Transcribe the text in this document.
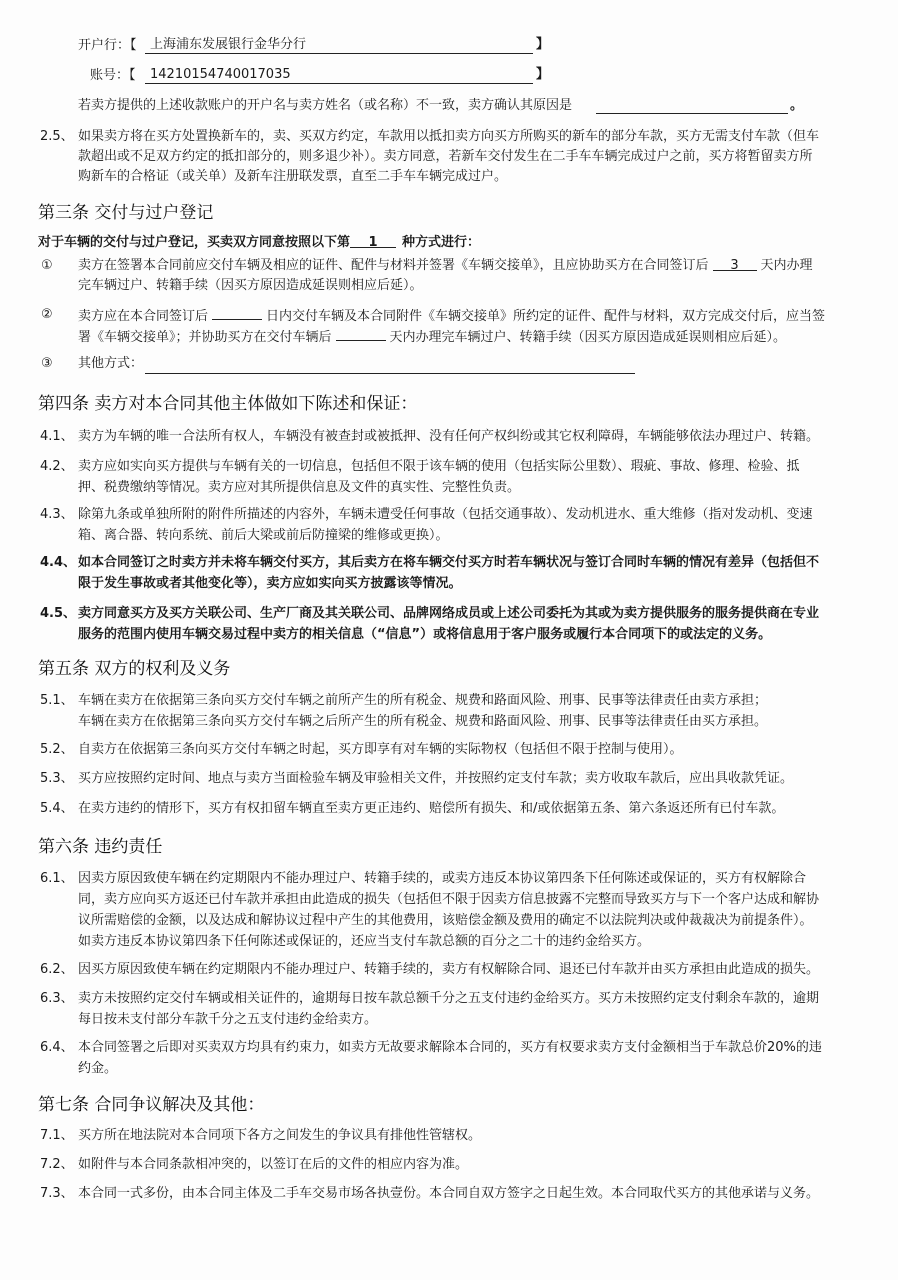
开户行：【 上海浦东发展银行金华分行	】
账号：【 14210154740017035	】
若卖方提供的上述收款账户的开户名与卖方姓名（或名称）不一致，卖方确认其原因是	。
2.5、 如果卖方将在买方处置换新车的，卖、买双方约定，车款用以抵扣卖方向买方所购买的新车的部分车款，买方无需支付车款（但车
款超出或不足双方约定的抵扣部分的，则多退少补）。卖方同意，若新车交付发生在二手车车辆完成过户之前，买方将暂留卖方所
购新车的合格证（或关单）及新车注册联发票，直至二手车车辆完成过户。
第三条 交付与过户登记
对于车辆的交付与过户登记，买卖双方同意按照以下第 1 种方式进行：
① 卖方在签署本合同前应交付车辆及相应的证件、配件与材料并签署《车辆交接单》，且应协助买方在合同签订后 3 天内办理
完车辆过户、转籍手续（因买方原因造成延误则相应后延）。
② 卖方应在本合同签订后	日内交付车辆及本合同附件《车辆交接单》所约定的证件、配件与材料，双方完成交付后，应当签
署《车辆交接单》；并协助买方在交付车辆后	天内办理完车辆过户、转籍手续（因买方原因造成延误则相应后延）。
③ 其他方式：
第四条 卖方对本合同其他主体做如下陈述和保证：
4.1、 卖方为车辆的唯一合法所有权人，车辆没有被查封或被抵押、没有任何产权纠纷或其它权利障碍，车辆能够依法办理过户、转籍。
4.2、 卖方应如实向买方提供与车辆有关的一切信息，包括但不限于该车辆的使用（包括实际公里数）、瑕疵、事故、修理、检验、抵
押、税费缴纳等情况。卖方应对其所提供信息及文件的真实性、完整性负责。
4.3、 除第九条或单独所附的附件所描述的内容外，车辆未遭受任何事故（包括交通事故）、发动机进水、重大维修（指对发动机、变速
箱、离合器、转向系统、前后大梁或前后防撞梁的维修或更换）。
4.4、 如本合同签订之时卖方并未将车辆交付买方，其后卖方在将车辆交付买方时若车辆状况与签订合同时车辆的情况有差异（包括但不
限于发生事故或者其他变化等），卖方应如实向买方披露该等情况。
4.5、 卖方同意买方及买方关联公司、生产厂商及其关联公司、品牌网络成员或上述公司委托为其或为卖方提供服务的服务提供商在专业
服务的范围内使用车辆交易过程中卖方的相关信息（“信息”）或将信息用于客户服务或履行本合同项下的或法定的义务。
第五条 双方的权利及义务
5.1、 车辆在卖方在依据第三条向买方交付车辆之前所产生的所有税金、规费和路面风险、刑事、民事等法律责任由卖方承担；
车辆在卖方在依据第三条向买方交付车辆之后所产生的所有税金、规费和路面风险、刑事、民事等法律责任由买方承担。
5.2、 自卖方在依据第三条向买方交付车辆之时起，买方即享有对车辆的实际物权（包括但不限于控制与使用）。
5.3、 买方应按照约定时间、地点与卖方当面检验车辆及审验相关文件，并按照约定支付车款；卖方收取车款后，应出具收款凭证。
5.4、 在卖方违约的情形下，买方有权扣留车辆直至卖方更正违约、赔偿所有损失、和/或依据第五条、第六条返还所有已付车款。
第六条 违约责任
6.1、 因卖方原因致使车辆在约定期限内不能办理过户、转籍手续的，或卖方违反本协议第四条下任何陈述或保证的，买方有权解除合
同，卖方应向买方返还已付车款并承担由此造成的损失（包括但不限于因卖方信息披露不完整而导致买方与下一个客户达成和解协
议所需赔偿的金额，以及达成和解协议过程中产生的其他费用，该赔偿金额及费用的确定不以法院判决或仲裁裁决为前提条件）。
如卖方违反本协议第四条下任何陈述或保证的，还应当支付车款总额的百分之二十的违约金给买方。
6.2、 因买方原因致使车辆在约定期限内不能办理过户、转籍手续的，卖方有权解除合同、退还已付车款并由买方承担由此造成的损失。
6.3、 卖方未按照约定交付车辆或相关证件的，逾期每日按车款总额千分之五支付违约金给买方。买方未按照约定支付剩余车款的，逾期
每日按未支付部分车款千分之五支付违约金给卖方。
6.4、 本合同签署之后即对买卖双方均具有约束力，如卖方无故要求解除本合同的，买方有权要求卖方支付金额相当于车款总价20%的违
约金。
第七条 合同争议解决及其他：
7.1、 买方所在地法院对本合同项下各方之间发生的争议具有排他性管辖权。
7.2、 如附件与本合同条款相冲突的，以签订在后的文件的相应内容为准。
7.3、 本合同一式多份，由本合同主体及二手车交易市场各执壹份。本合同自双方签字之日起生效。本合同取代买方的其他承诺与义务。
